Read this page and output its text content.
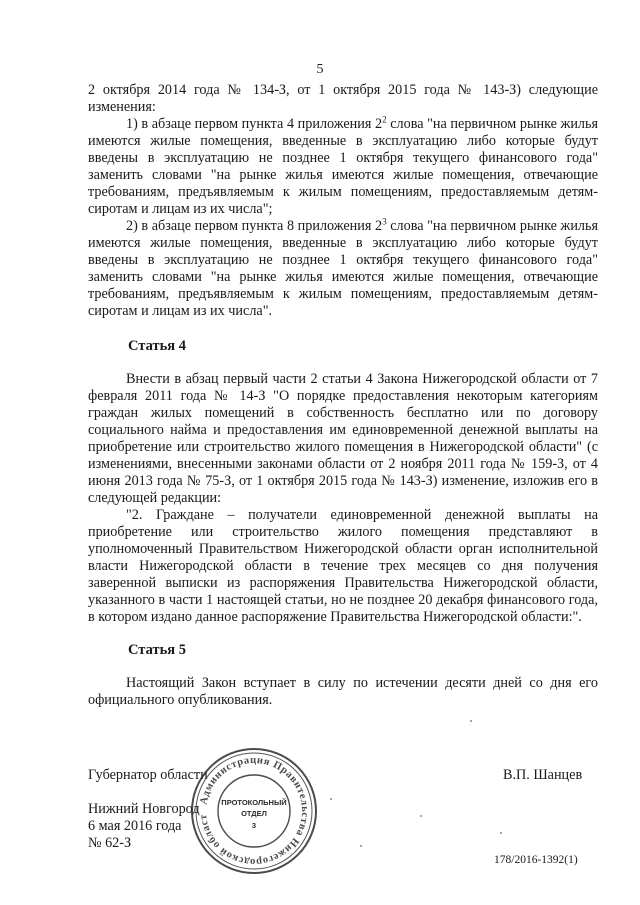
5

2 октября 2014 года № 134-З, от 1 октября 2015 года № 143-З) следующие изменения:

1) в абзаце первом пункта 4 приложения $2^2$ слова "на первичном рынке жилья имеются жилые помещения, введенные в эксплуатацию либо которые будут введены в эксплуатацию не позднее 1 октября текущего финансового года" заменить словами "на рынке жилья имеются жилые помещения, отвечающие требованиям, предъявляемым к жилым помещениям, предоставляемым детям-сиротам и лицам из их числа";

2) в абзаце первом пункта 8 приложения $2^3$ слова "на первичном рынке жилья имеются жилые помещения, введенные в эксплуатацию либо которые будут введены в эксплуатацию не позднее 1 октября текущего финансового года" заменить словами "на рынке жилья имеются жилые помещения, отвечающие требованиям, предъявляемым к жилым помещениям, предоставляемым детям-сиротам и лицам из их числа".

Статья 4

Внести в абзац первый части 2 статьи 4 Закона Нижегородской области от 7 февраля 2011 года № 14-З "О порядке предоставления некоторым категориям граждан жилых помещений в собственность бесплатно или по договору социального найма и предоставления им единовременной денежной выплаты на приобретение или строительство жилого помещения в Нижегородской области" (с изменениями, внесенными законами области от 2 ноября 2011 года № 159-З, от 4 июня 2013 года № 75-З, от 1 октября 2015 года № 143-З) изменение, изложив его в следующей редакции:

"2. Граждане – получатели единовременной денежной выплаты на приобретение или строительство жилого помещения представляют в уполномоченный Правительством Нижегородской области орган исполнительной власти Нижегородской области в течение трех месяцев со дня получения заверенной выписки из распоряжения Правительства Нижегородской области, указанного в части 1 настоящей статьи, но не позднее 20 декабря финансового года, в котором издано данное распоряжение Правительства Нижегородской области:".

Статья 5

Настоящий Закон вступает в силу по истечении десяти дней со дня его официального опубликования.

Губернатор области	В.П. Шанцев
Нижний Новгород
6 мая 2016 года
№ 62-З
178/2016-1392(1)
Администрация Правительства Нижегородской област
ПРОТОКОЛЬНЫЙ
ОТДЕЛ
3
